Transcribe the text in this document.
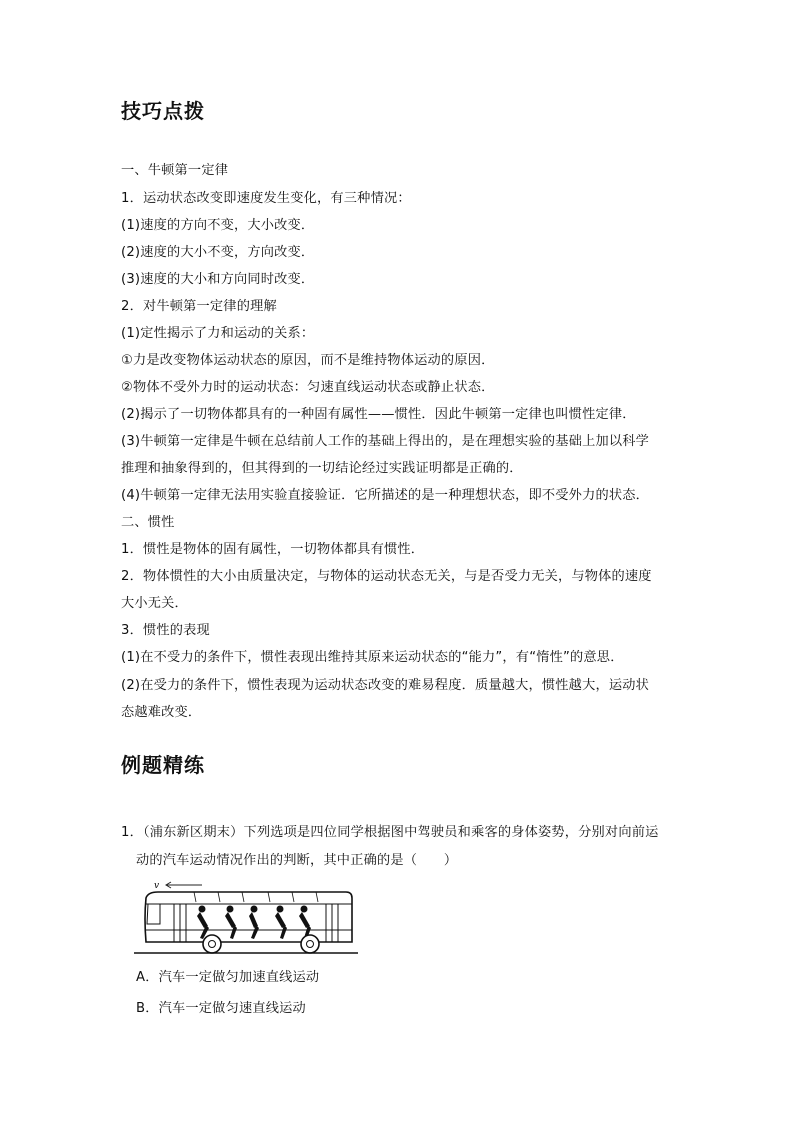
技巧点拨
一、牛顿第一定律
1．运动状态改变即速度发生变化，有三种情况：
(1)速度的方向不变，大小改变．
(2)速度的大小不变，方向改变．
(3)速度的大小和方向同时改变．
2．对牛顿第一定律的理解
(1)定性揭示了力和运动的关系：
①力是改变物体运动状态的原因，而不是维持物体运动的原因．
②物体不受外力时的运动状态：匀速直线运动状态或静止状态．
(2)揭示了一切物体都具有的一种固有属性——惯性．因此牛顿第一定律也叫惯性定律．
(3)牛顿第一定律是牛顿在总结前人工作的基础上得出的，是在理想实验的基础上加以科学
推理和抽象得到的，但其得到的一切结论经过实践证明都是正确的．
(4)牛顿第一定律无法用实验直接验证．它所描述的是一种理想状态，即不受外力的状态．
二、惯性
1．惯性是物体的固有属性，一切物体都具有惯性．
2．物体惯性的大小由质量决定，与物体的运动状态无关，与是否受力无关，与物体的速度
大小无关．
3．惯性的表现
(1)在不受力的条件下，惯性表现出维持其原来运动状态的“能力”，有“惰性”的意思．
(2)在受力的条件下，惯性表现为运动状态改变的难易程度．质量越大，惯性越大，运动状
态越难改变．
例题精练
1．（浦东新区期末）下列选项是四位同学根据图中驾驶员和乘客的身体姿势，分别对向前运
动的汽车运动情况作出的判断，其中正确的是（　　）
v
A．汽车一定做匀加速直线运动
B．汽车一定做匀速直线运动
